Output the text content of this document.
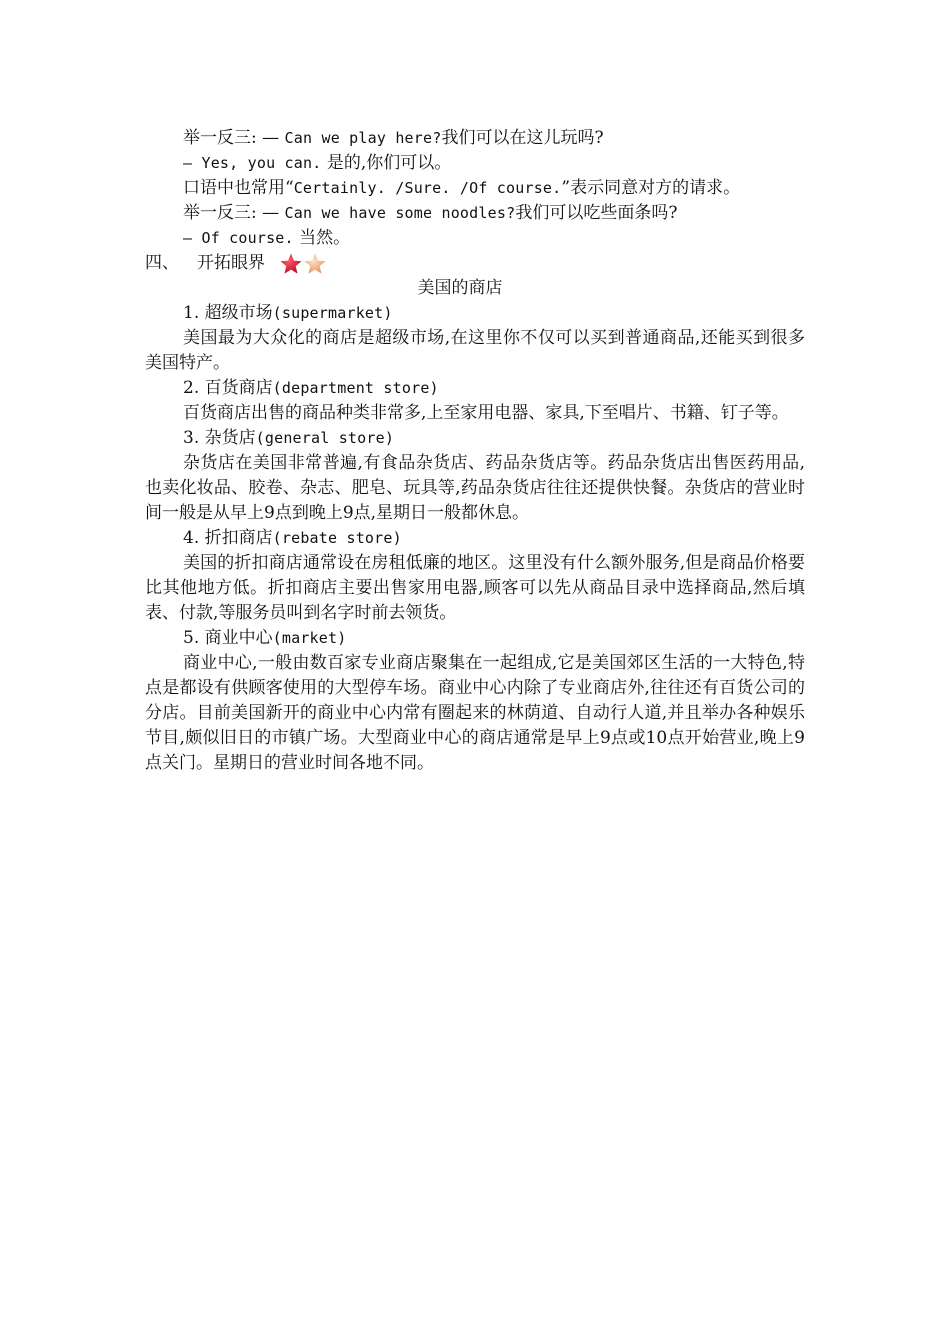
举一反三: — Can we play here?我们可以在这儿玩吗?
— Yes, you can. 是的,你们可以。
口语中也常用“Certainly. /Sure. /Of course.”表示同意对方的请求。
举一反三: — Can we have some noodles?我们可以吃些面条吗?
— Of course. 当然。
四、 开拓眼界
美国的商店
1. 超级市场(supermarket)

美国最为大众化的商店是超级市场,在这里你不仅可以买到普通商品,还能买到很多美国特产。

2. 百货商店(department store)

百货商店出售的商品种类非常多,上至家用电器、家具,下至唱片、书籍、钉子等。

3. 杂货店(general store)

杂货店在美国非常普遍,有食品杂货店、药品杂货店等。药品杂货店出售医药用品,也卖化妆品、胶卷、杂志、肥皂、玩具等,药品杂货店往往还提供快餐。杂货店的营业时间一般是从早上9点到晚上9点,星期日一般都休息。

4. 折扣商店(rebate store)

美国的折扣商店通常设在房租低廉的地区。这里没有什么额外服务,但是商品价格要比其他地方低。折扣商店主要出售家用电器,顾客可以先从商品目录中选择商品,然后填表、付款,等服务员叫到名字时前去领货。

5. 商业中心(market)

商业中心,一般由数百家专业商店聚集在一起组成,它是美国郊区生活的一大特色,特点是都设有供顾客使用的大型停车场。商业中心内除了专业商店外,往往还有百货公司的分店。目前美国新开的商业中心内常有圈起来的林荫道、自动行人道,并且举办各种娱乐节目,颇似旧日的市镇广场。大型商业中心的商店通常是早上9点或10点开始营业,晚上9点关门。星期日的营业时间各地不同。
